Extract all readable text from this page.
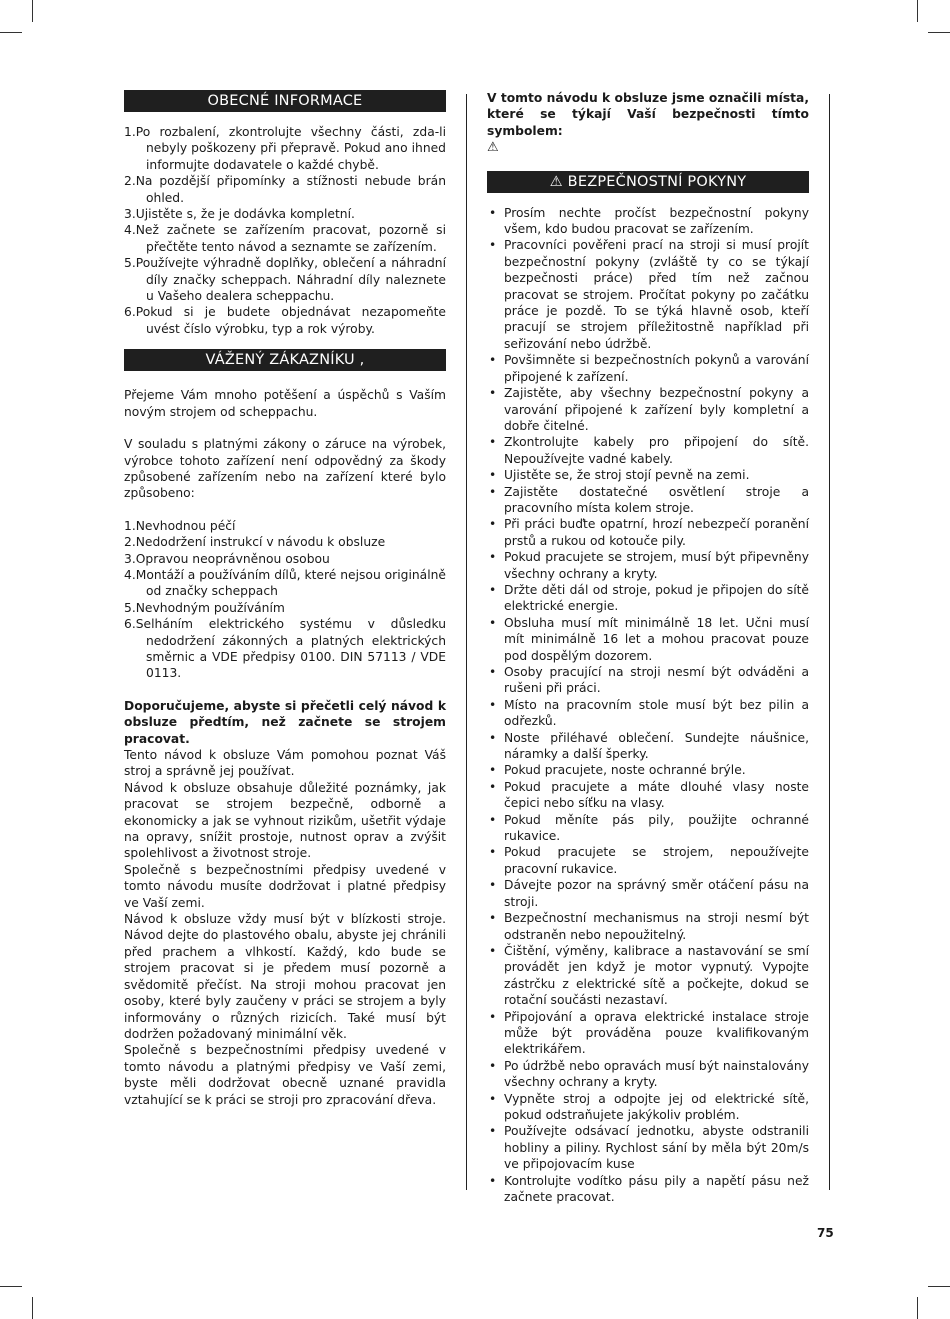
OBECNÉ INFORMACE
1.Po rozbalení, zkontrolujte všechny části, zda-li nebyly poškozeny při přepravě. Pokud ano ihned informujte dodavatele o každé chybě.
2.Na pozdější připomínky a stížnosti nebude brán ohled.
3.Ujistěte s, že je dodávka kompletní.
4.Než začnete se zařízením pracovat, pozorně si přečtěte tento návod a seznamte se zařízením.
5.Používejte výhradně doplňky, oblečení a náhradní díly značky scheppach. Náhradní díly naleznete u Vašeho dealera scheppachu.
6.Pokud si je budete objednávat nezapomeňte uvést číslo výrobku, typ a rok výroby.
VÁŽENÝ ZÁKAZNÍKU ,

Přejeme Vám mnoho potěšení a úspěchů s Vaším novým strojem od scheppachu.

V souladu s platnými zákony o záruce na výrobek, výrobce tohoto zařízení není odpovědný za škody způsobené zařízením nebo na zařízení které bylo způsobeno:

1.Nevhodnou péčí
2.Nedodržení instrukcí v návodu k obsluze
3.Opravou neoprávněnou osobou
4.Montáží a používáním dílů, které nejsou originálně od značky scheppach
5.Nevhodným používáním
6.Selháním elektrického systému v důsledku nedodržení zákonných a platných elektrických směrnic a VDE předpisy 0100. DIN 57113 / VDE 0113.

Doporučujeme, abyste si přečetli celý návod k obsluze předtím, než začnete se strojem pracovat.

Tento návod k obsluze Vám pomohou poznat Váš stroj a správně jej používat.

Návod k obsluze obsahuje důležité poznámky, jak pracovat se strojem bezpečně, odborně a ekonomicky a jak se vyhnout rizikům, ušetřit výdaje na opravy, snížit prostoje, nutnost oprav a zvýšit spolehlivost a životnost stroje.

Společně s bezpečnostními předpisy uvedené v tomto návodu musíte dodržovat i platné předpisy ve Vaší zemi.

Návod k obsluze vždy musí být v blízkosti stroje. Návod dejte do plastového obalu, abyste jej chránili před prachem a vlhkostí. Každý, kdo bude se strojem pracovat si je předem musí pozorně a svědomitě přečíst. Na stroji mohou pracovat jen osoby, které byly zaučeny v práci se strojem a byly informovány o různých rizicích. Také musí být dodržen požadovaný minimální věk.

Společně s bezpečnostními předpisy uvedené v tomto návodu a platnými předpisy ve Vaší zemi, byste měli dodržovat obecně uznané pravidla vztahující se k práci se stroji pro zpracování dřeva.

V tomto návodu k obsluze jsme označili místa, které se týkají Vaší bezpečnosti tímto symbolem:
⚠

⚠ BEZPEČNOSTNÍ POKYNY
• Prosím nechte pročíst bezpečnostní pokyny všem, kdo budou pracovat se zařízením.
• Pracovníci pověřeni prací na stroji si musí projít bezpečnostní pokyny (zvláště ty co se týkají bezpečnosti práce) před tím než začnou pracovat se strojem. Pročítat pokyny po začátku práce je pozdě. To se týká hlavně osob, kteří pracují se strojem příležitostně například při seřizování nebo údržbě.
• Povšimněte si bezpečnostních pokynů a varování připojené k zařízení.
• Zajistěte, aby všechny bezpečnostní pokyny a varování připojené k zařízení byly kompletní a dobře čitelné.
• Zkontrolujte kabely pro připojení do sítě. Nepoužívejte vadné kabely.
• Ujistěte se, že stroj stojí pevně na zemi.
• Zajistěte dostatečné osvětlení stroje a pracovního místa kolem stroje.
• Při práci buďte opatrní, hrozí nebezpečí poranění prstů a rukou od kotouče pily.
• Pokud pracujete se strojem, musí být připevněny všechny ochrany a kryty.
• Držte děti dál od stroje, pokud je připojen do sítě elektrické energie.
• Obsluha musí mít minimálně 18 let. Učni musí mít minimálně 16 let a mohou pracovat pouze pod dospělým dozorem.
• Osoby pracující na stroji nesmí být odváděni a rušeni při práci.
• Místo na pracovním stole musí být bez pilin a odřezků.
• Noste přiléhavé oblečení. Sundejte náušnice, náramky a další šperky.
• Pokud pracujete, noste ochranné brýle.
• Pokud pracujete a máte dlouhé vlasy noste čepici nebo síťku na vlasy.
• Pokud měníte pás pily, použijte ochranné rukavice.
• Pokud pracujete se strojem, nepoužívejte pracovní rukavice.
• Dávejte pozor na správný směr otáčení pásu na stroji.
• Bezpečnostní mechanismus na stroji nesmí být odstraněn nebo nepoužitelný.
• Čištění, výměny, kalibrace a nastavování se smí provádět jen když je motor vypnutý. Vypojte zástrčku z elektrické sítě a počkejte, dokud se rotační součásti nezastaví.
• Připojování a oprava elektrické instalace stroje může být prováděna pouze kvalifikovaným elektrikářem.
• Po údržbě nebo opravách musí být nainstalovány všechny ochrany a kryty.
• Vypněte stroj a odpojte jej od elektrické sítě, pokud odstraňujete jakýkoliv problém.
• Používejte odsávací jednotku, abyste odstranili hobliny a piliny. Rychlost sání by měla být 20m/s ve připojovacím kuse
• Kontrolujte vodítko pásu pily a napětí pásu než začnete pracovat.
75
